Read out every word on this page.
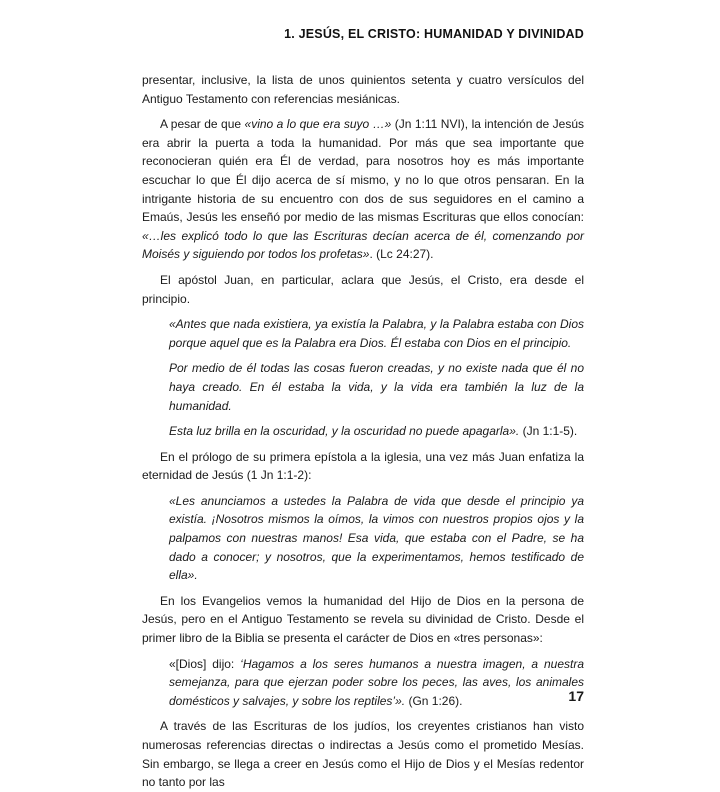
1. JESÚS, EL CRISTO: HUMANIDAD Y DIVINIDAD

presentar, inclusive, la lista de unos quinientos setenta y cuatro versículos del Antiguo Testamento con referencias mesiánicas.

A pesar de que «vino a lo que era suyo …» (Jn 1:11 NVI), la intención de Jesús era abrir la puerta a toda la humanidad. Por más que sea importante que reconocieran quién era Él de verdad, para nosotros hoy es más importante escuchar lo que Él dijo acerca de sí mismo, y no lo que otros pensaran. En la intrigante historia de su encuentro con dos de sus seguidores en el camino a Emaús, Jesús les enseñó por medio de las mismas Escrituras que ellos conocían: «…les explicó todo lo que las Escrituras decían acerca de él, comenzando por Moisés y siguiendo por todos los profetas». (Lc 24:27).

El apóstol Juan, en particular, aclara que Jesús, el Cristo, era desde el principio.

«Antes que nada existiera, ya existía la Palabra, y la Palabra estaba con Dios porque aquel que es la Palabra era Dios. Él estaba con Dios en el principio.

Por medio de él todas las cosas fueron creadas, y no existe nada que él no haya creado. En él estaba la vida, y la vida era también la luz de la humanidad.

Esta luz brilla en la oscuridad, y la oscuridad no puede apagarla». (Jn 1:1-5).

En el prólogo de su primera epístola a la iglesia, una vez más Juan enfatiza la eternidad de Jesús (1 Jn 1:1-2):

«Les anunciamos a ustedes la Palabra de vida que desde el principio ya existía. ¡Nosotros mismos la oímos, la vimos con nuestros propios ojos y la palpamos con nuestras manos! Esa vida, que estaba con el Padre, se ha dado a conocer; y nosotros, que la experimentamos, hemos testificado de ella».

En los Evangelios vemos la humanidad del Hijo de Dios en la persona de Jesús, pero en el Antiguo Testamento se revela su divinidad de Cristo. Desde el primer libro de la Biblia se presenta el carácter de Dios en «tres personas»:

«[Dios] dijo: ‘Hagamos a los seres humanos a nuestra imagen, a nuestra semejanza, para que ejerzan poder sobre los peces, las aves, los animales domésticos y salvajes, y sobre los reptiles’». (Gn 1:26).

A través de las Escrituras de los judíos, los creyentes cristianos han visto numerosas referencias directas o indirectas a Jesús como el prometido Mesías. Sin embargo, se llega a creer en Jesús como el Hijo de Dios y el Mesías redentor no tanto por las

17
